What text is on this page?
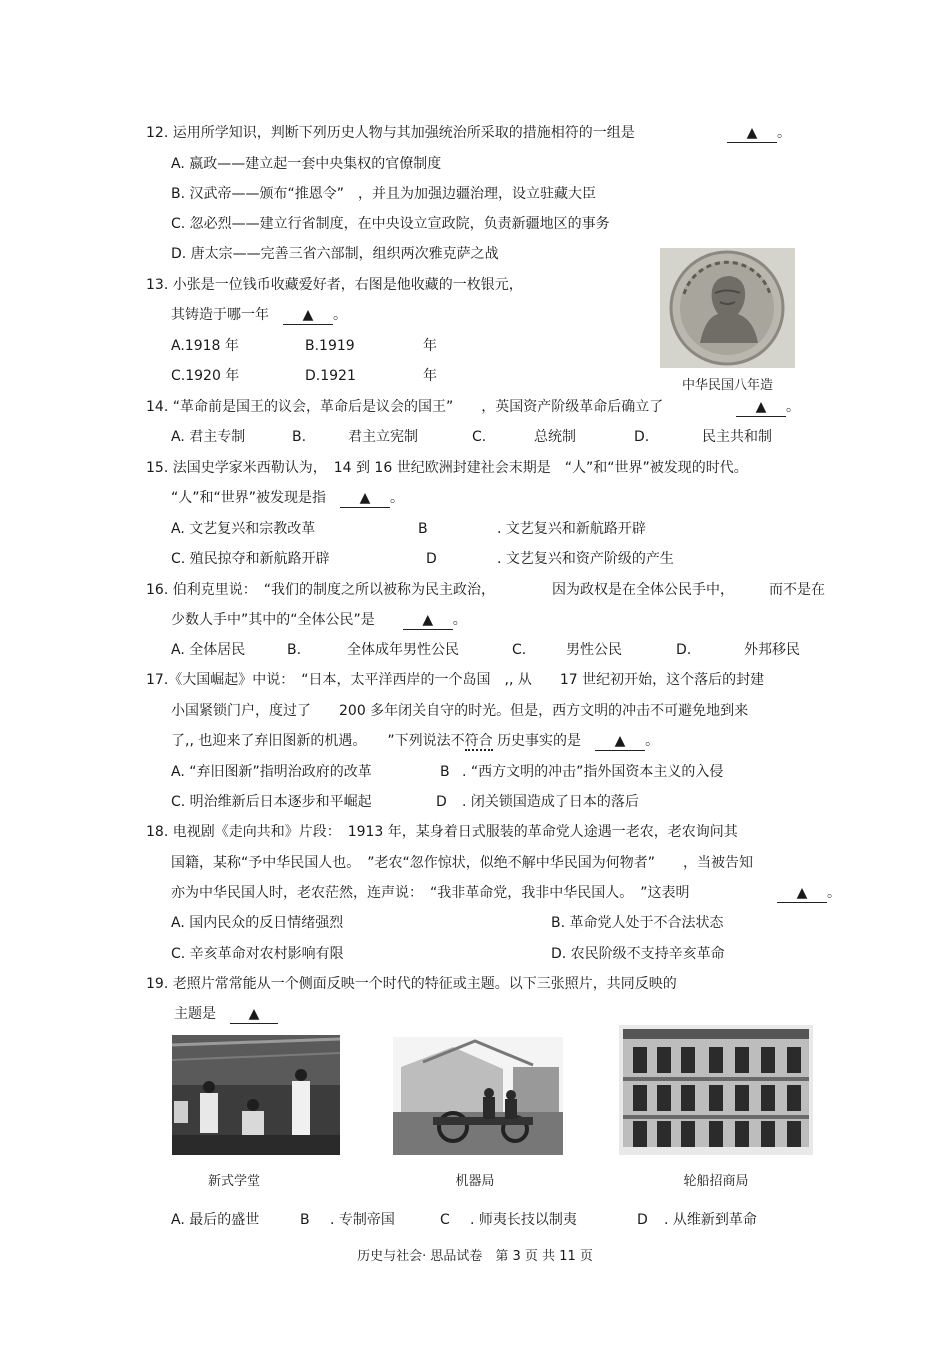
12. 运用所学知识，判断下列历史人物与其加强统治所采取的措施相符的一组是	▲ 。
A. 嬴政——建立起一套中央集权的官僚制度
B. 汉武帝——颁布“推恩令”　，并且为加强边疆治理，设立驻藏大臣
C. 忽必烈——建立行省制度，在中央设立宣政院，负责新疆地区的事务
D. 唐太宗——完善三省六部制，组织两次雅克萨之战
13. 小张是一位钱币收藏爱好者，右图是他收藏的一枚银元，
其铸造于哪一年　 ▲ 。
A.1918 年	B.1919	年
C.1920 年	D.1921	年
中华民国八年造
14. “革命前是国王的议会，革命后是议会的国王”　　，英国资产阶级革命后确立了	▲ 。
A. 君主专制	B.	君主立宪制	C.	总统制	D.	民主共和制
15. 法国史学家米西勒认为，　14 到 16 世纪欧洲封建社会末期是　“人”和“世界”被发现的时代。
“人”和“世界”被发现是指　 ▲ 。
A. 文艺复兴和宗教改革	B	. 文艺复兴和新航路开辟
C. 殖民掠夺和新航路开辟	D	. 文艺复兴和资产阶级的产生
16. 伯利克里说：　“我们的制度之所以被称为民主政治，	因为政权是在全体公民手中，	而不是在
少数人手中”其中的“全体公民”是　　	▲ 。
A. 全体居民	B.	全体成年男性公民	C.	男性公民	D.	外邦移民
17.《大国崛起》中说：　“日本，太平洋西岸的一个岛国　,, 从　　17 世纪初开始，这个落后的封建
小国紧锁门户，度过了　　200 多年闭关自守的时光。但是，西方文明的冲击不可避免地到来
了,, 也迎来了弃旧图新的机遇。　　”下列说法不符合 历史事实的是　 ▲ 。
A. “弃旧图新”指明治政府的改革	B . “西方文明的冲击”指外国资本主义的入侵
C. 明治维新后日本逐步和平崛起	D . 闭关锁国造成了日本的落后
18. 电视剧《走向共和》片段：　1913 年，某身着日式服装的革命党人途遇一老农，老农询问其
国籍，某称“予中华民国人也。　”老农“忽作惊状，似绝不解中华民国为何物者”　　，当被告知
亦为中华民国人时，老农茫然，连声说：　“我非革命党，我非中华民国人。　”这表明	▲ 。
A. 国内民众的反日情绪强烈	B. 革命党人处于不合法状态
C. 辛亥革命对农村影响有限	D. 农民阶级不支持辛亥革命
19. 老照片常常能从一个侧面反映一个时代的特征或主题。以下三张照片，共同反映的
主题是　 ▲
新式学堂	机器局	轮船招商局
A. 最后的盛世	B . 专制帝国	C . 师夷长技以制夷	D . 从维新到革命
历史与社会· 思品试卷　第 3 页 共 11 页
